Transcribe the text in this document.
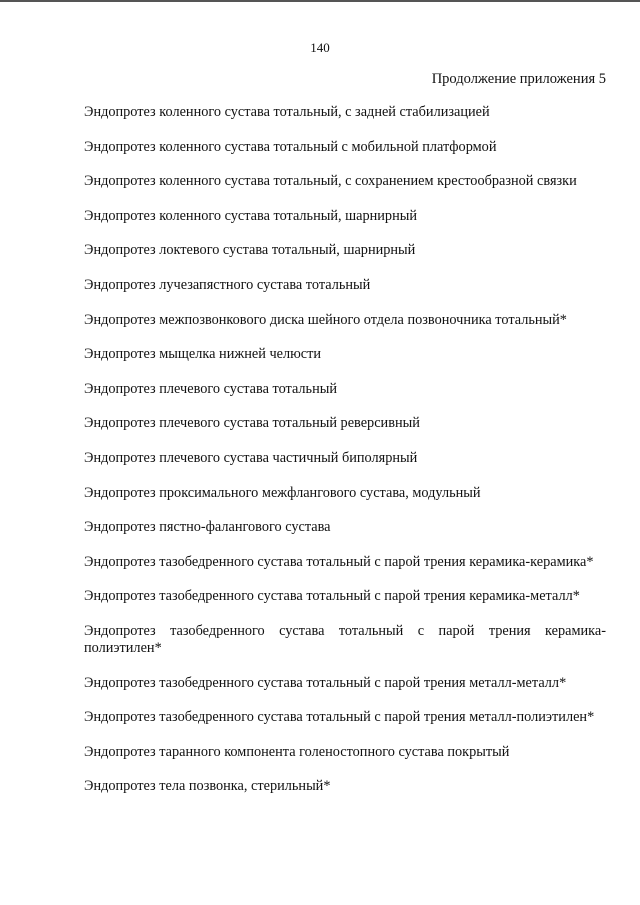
140
Продолжение приложения 5
Эндопротез коленного сустава тотальный, с задней стабилизацией
Эндопротез коленного сустава тотальный с мобильной платформой
Эндопротез коленного сустава тотальный, с сохранением крестообразной связки
Эндопротез коленного сустава тотальный, шарнирный
Эндопротез локтевого сустава тотальный, шарнирный
Эндопротез лучезапястного сустава тотальный
Эндопротез межпозвонкового диска шейного отдела позвоночника тотальный*
Эндопротез мыщелка нижней челюсти
Эндопротез плечевого сустава тотальный
Эндопротез плечевого сустава тотальный реверсивный
Эндопротез плечевого сустава частичный биполярный
Эндопротез проксимального межфлангового сустава, модульный
Эндопротез пястно-фалангового сустава
Эндопротез тазобедренного сустава тотальный с парой трения керамика-керамика*
Эндопротез тазобедренного сустава тотальный с парой трения керамика-металл*
Эндопротез тазобедренного сустава тотальный с парой трения керамика-полиэтилен*
Эндопротез тазобедренного сустава тотальный с парой трения металл-металл*
Эндопротез тазобедренного сустава тотальный с парой трения металл-полиэтилен*
Эндопротез таранного компонента голеностопного сустава покрытый
Эндопротез тела позвонка, стерильный*
